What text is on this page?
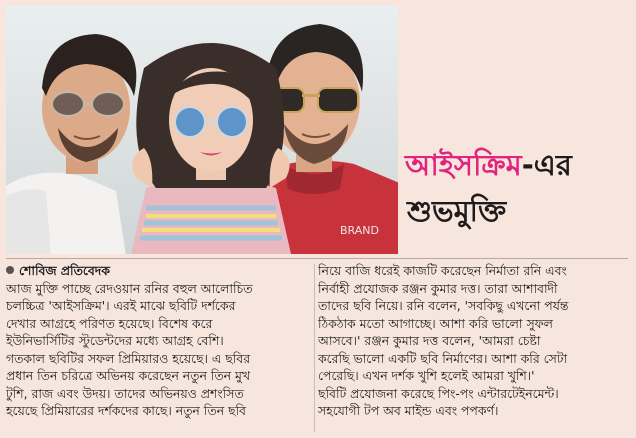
BRAND
আইসক্রিম-এর
শুভমুক্তি
শোবিজ প্রতিবেদক
আজ মুক্তি পাচ্ছে রেদওয়ান রনির বহুল আলোচিত
চলচ্চিত্র 'আইসক্রিম'। এরই মাঝে ছবিটি দর্শকের
দেখার আগ্রহে পরিণত হয়েছে। বিশেষ করে
ইউনিভার্সিটির স্টুডেন্টদের মধ্যে আগ্রহ বেশি।
গতকাল ছবিটির সফল প্রিমিয়ারও হয়েছে। এ ছবির
প্রধান তিন চরিত্রে অভিনয় করেছেন নতুন তিন মুখ
টুশি, রাজ এবং উদয়। তাদের অভিনয়ও প্রশংসিত
হয়েছে প্রিমিয়ারের দর্শকদের কাছে। নতুন তিন ছবি
নিয়ে বাজি ধরেই কাজটি করেছেন নির্মাতা রনি এবং
নির্বাহী প্রযোজক রঞ্জন কুমার দত্ত। তারা আশাবাদী
তাদের ছবি নিয়ে। রনি বলেন, 'সবকিছু এখনো পর্যন্ত
ঠিকঠাক মতো আগাচ্ছে। আশা করি ভালো সুফল
আসবে।' রঞ্জন কুমার দত্ত বলেন, 'আমরা চেষ্টা
করেছি ভালো একটি ছবি নির্মাণের। আশা করি সেটা
পেরেছি। এখন দর্শক খুশি হলেই আমরা খুশি।'
ছবিটি প্রযোজনা করেছে পিং-পং এন্টারটেইনমেন্ট।
সহযোগী টপ অব মাইন্ড এবং পপকর্ণ।
